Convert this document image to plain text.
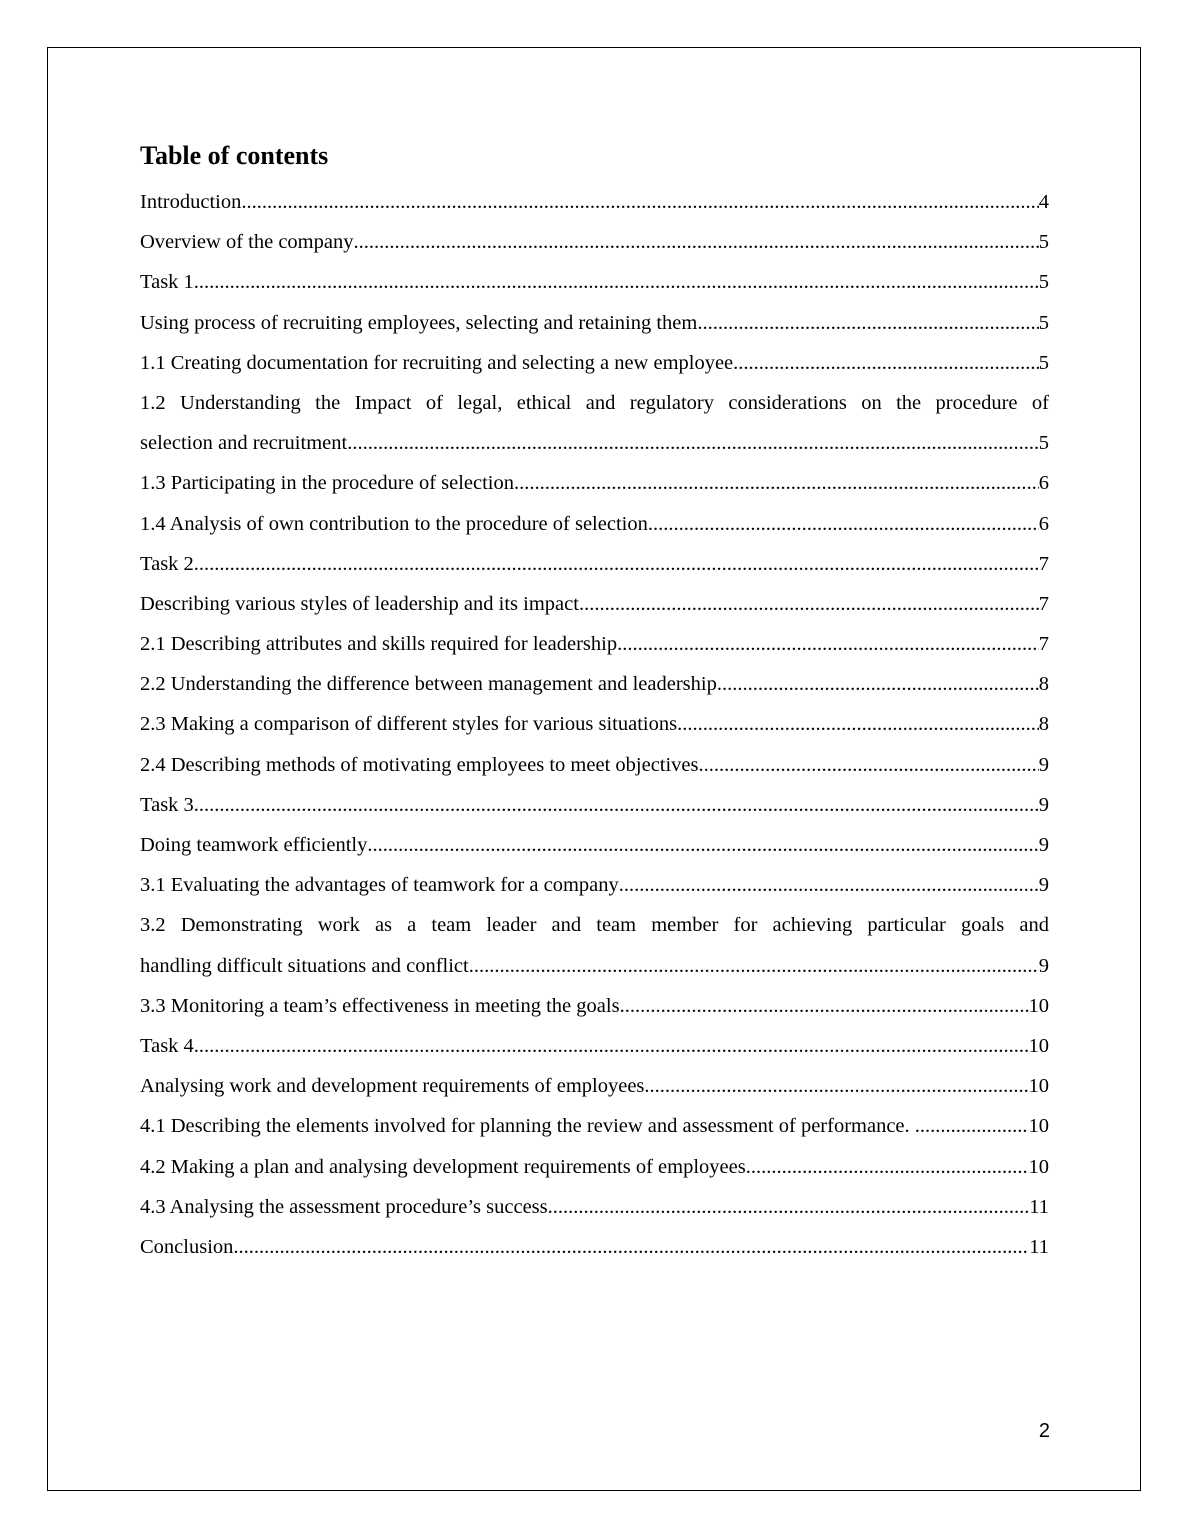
Table of contents
Introduction .....	4
Overview of the company .....	5
Task 1 .....	5
Using process of recruiting employees, selecting and retaining them .....	5
1.1 Creating documentation for recruiting and selecting a new employee .....	5
1.2 Understanding the Impact of legal, ethical and regulatory considerations on the procedure of
selection and recruitment .....	5
1.3 Participating in the procedure of selection .....	6
1.4 Analysis of own contribution to the procedure of selection .....	6
Task 2 .....	7
Describing various styles of leadership and its impact .....	7
2.1 Describing attributes and skills required for leadership .....	7
2.2 Understanding the difference between management and leadership .....	8
2.3 Making a comparison of different styles for various situations .....	8
2.4 Describing methods of motivating employees to meet objectives .....	9
Task 3 .....	9
Doing teamwork efficiently .....	9
3.1 Evaluating the advantages of teamwork for a company .....	9
3.2 Demonstrating work as a team leader and team member for achieving particular goals and
handling difficult situations and conflict .....	9
3.3 Monitoring a team’s effectiveness in meeting the goals .....	10
Task 4 .....	10
Analysing work and development requirements of employees .....	10
4.1 Describing the elements involved for planning the review and assessment of performance. .....	10
4.2 Making a plan and analysing development requirements of employees .....	10
4.3 Analysing the assessment procedure’s success .....	11
Conclusion .....	11
2
